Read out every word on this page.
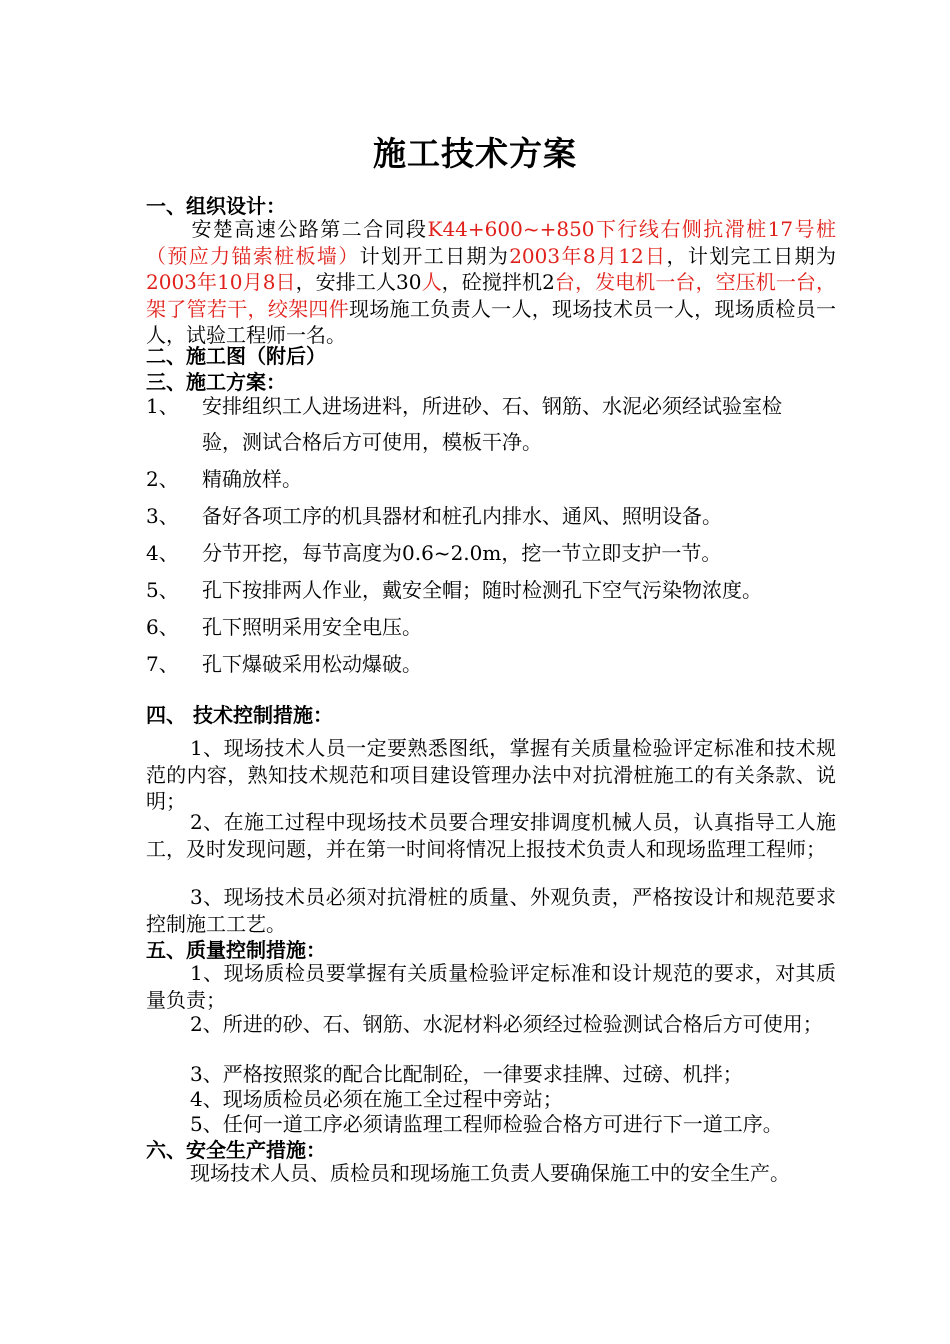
施工技术方案
一、组织设计：
安楚高速公路第二合同段K44+600~+850下行线右侧抗滑桩17号桩（预应力锚索桩板墙）计划开工日期为2003年8月12日，计划完工日期为2003年10月8日，安排工人30人，砼搅拌机2台，发电机一台，空压机一台，架了管若干，绞架四件现场施工负责人一人，现场技术员一人，现场质检员一人，试验工程师一名。
二、施工图（附后）
三、施工方案：
1、 安排组织工人进场进料，所进砂、石、钢筋、水泥必须经试验室检
验，测试合格后方可使用，模板干净。
2、 精确放样。
3、 备好各项工序的机具器材和桩孔内排水、通风、照明设备。
4、 分节开挖，每节高度为0.6~2.0m，挖一节立即支护一节。
5、 孔下按排两人作业，戴安全帽；随时检测孔下空气污染物浓度。
6、 孔下照明采用安全电压。
7、 孔下爆破采用松动爆破。
四、 技术控制措施：
1、现场技术人员一定要熟悉图纸，掌握有关质量检验评定标准和技术规范的内容，熟知技术规范和项目建设管理办法中对抗滑桩施工的有关条款、说明；
2、在施工过程中现场技术员要合理安排调度机械人员，认真指导工人施工，及时发现问题，并在第一时间将情况上报技术负责人和现场监理工程师；
3、现场技术员必须对抗滑桩的质量、外观负责，严格按设计和规范要求控制施工工艺。
五、质量控制措施：
1、现场质检员要掌握有关质量检验评定标准和设计规范的要求，对其质量负责；
2、所进的砂、石、钢筋、水泥材料必须经过检验测试合格后方可使用；
3、严格按照浆的配合比配制砼，一律要求挂牌、过磅、机拌；
4、现场质检员必须在施工全过程中旁站；
5、任何一道工序必须请监理工程师检验合格方可进行下一道工序。
六、安全生产措施：
现场技术人员、质检员和现场施工负责人要确保施工中的安全生产。
